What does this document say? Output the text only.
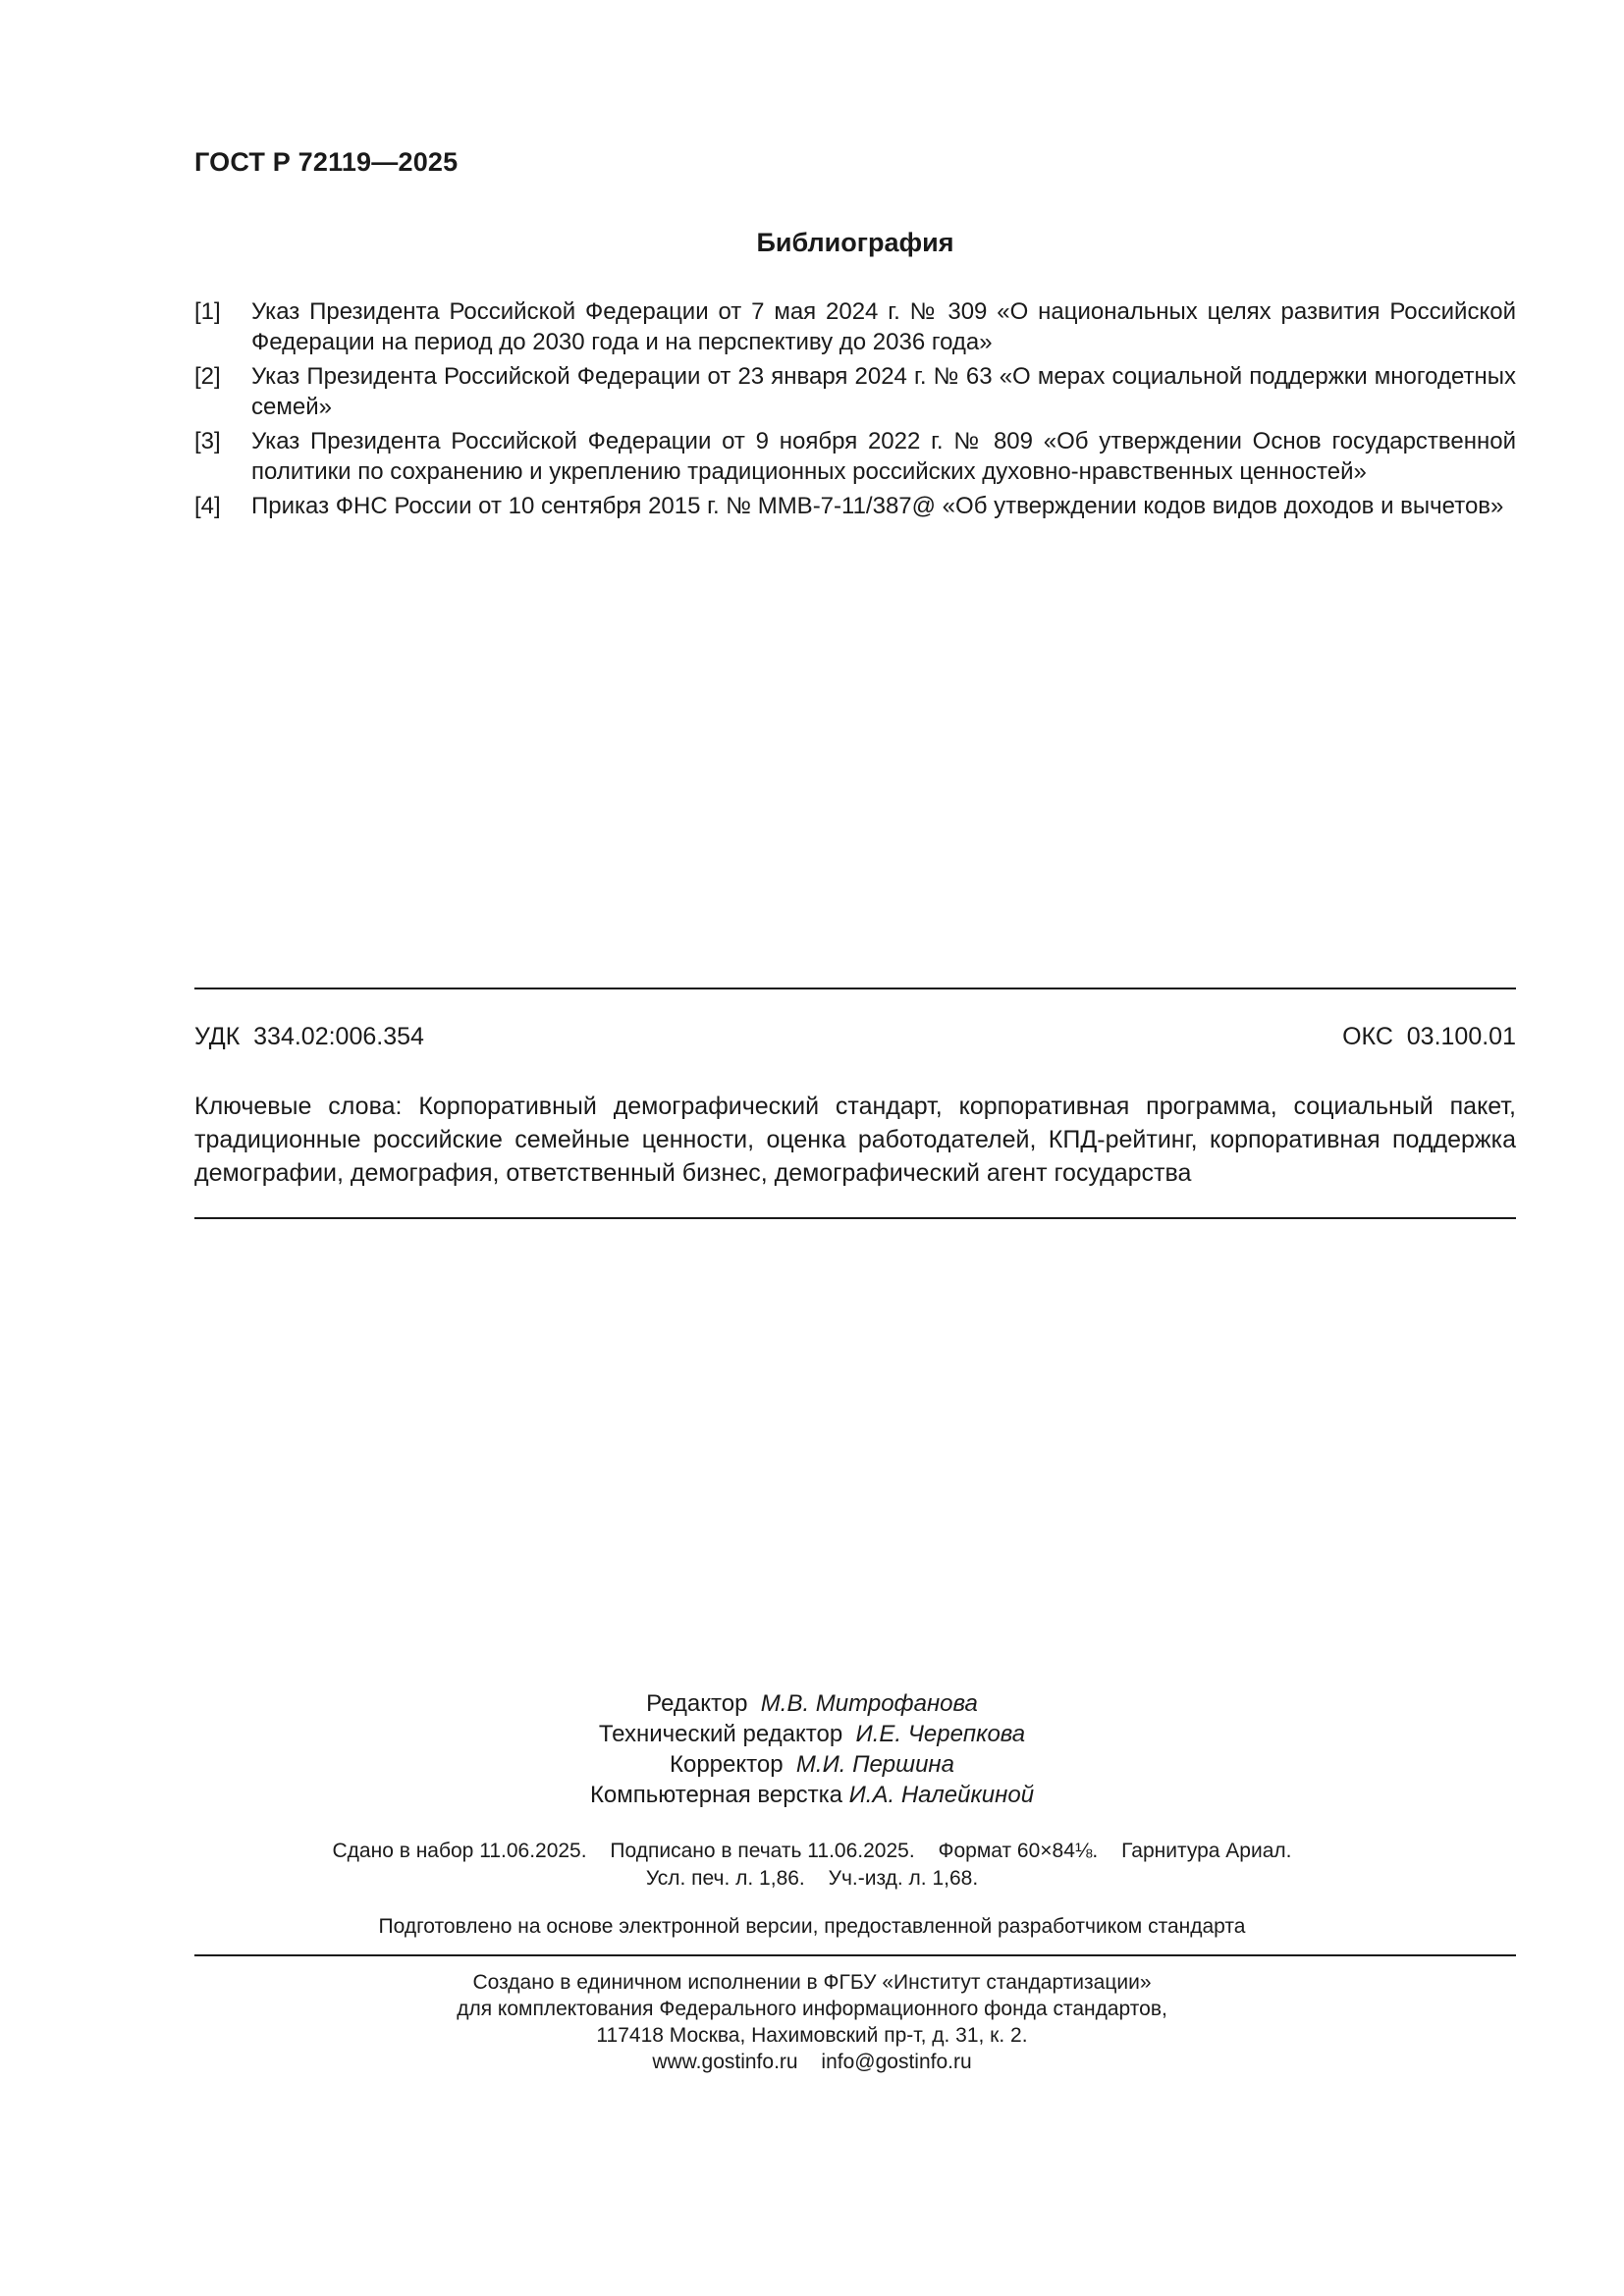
ГОСТ Р 72119—2025
Библиография
[1]	Указ Президента Российской Федерации от 7 мая 2024 г. № 309 «О национальных целях развития Российской Федерации на период до 2030 года и на перспективу до 2036 года»
[2]	Указ Президента Российской Федерации от 23 января 2024 г. № 63 «О мерах социальной поддержки многодетных семей»
[3]	Указ Президента Российской Федерации от 9 ноября 2022 г. № 809 «Об утверждении Основ государственной политики по сохранению и укреплению традиционных российских духовно-нравственных ценностей»
[4]	Приказ ФНС России от 10 сентября 2015 г. № ММВ-7-11/387@ «Об утверждении кодов видов доходов и вычетов»
УДК  334.02:006.354	ОКС  03.100.01
Ключевые слова: Корпоративный демографический стандарт, корпоративная программа, социальный пакет, традиционные российские семейные ценности, оценка работодателей, КПД-рейтинг, корпоративная поддержка демографии, демография, ответственный бизнес, демографический агент государства
Редактор М.В. Митрофанова
Технический редактор И.Е. Черепкова
Корректор М.И. Першина
Компьютерная верстка И.А. Налейкиной
Сдано в набор 11.06.2025. Подписано в печать 11.06.2025. Формат 60×84⅛. Гарнитура Ариал.
Усл. печ. л. 1,86. Уч.-изд. л. 1,68.
Подготовлено на основе электронной версии, предоставленной разработчиком стандарта
Создано в единичном исполнении в ФГБУ «Институт стандартизации»
для комплектования Федерального информационного фонда стандартов,
117418 Москва, Нахимовский пр-т, д. 31, к. 2.
www.gostinfo.ru info@gostinfo.ru
